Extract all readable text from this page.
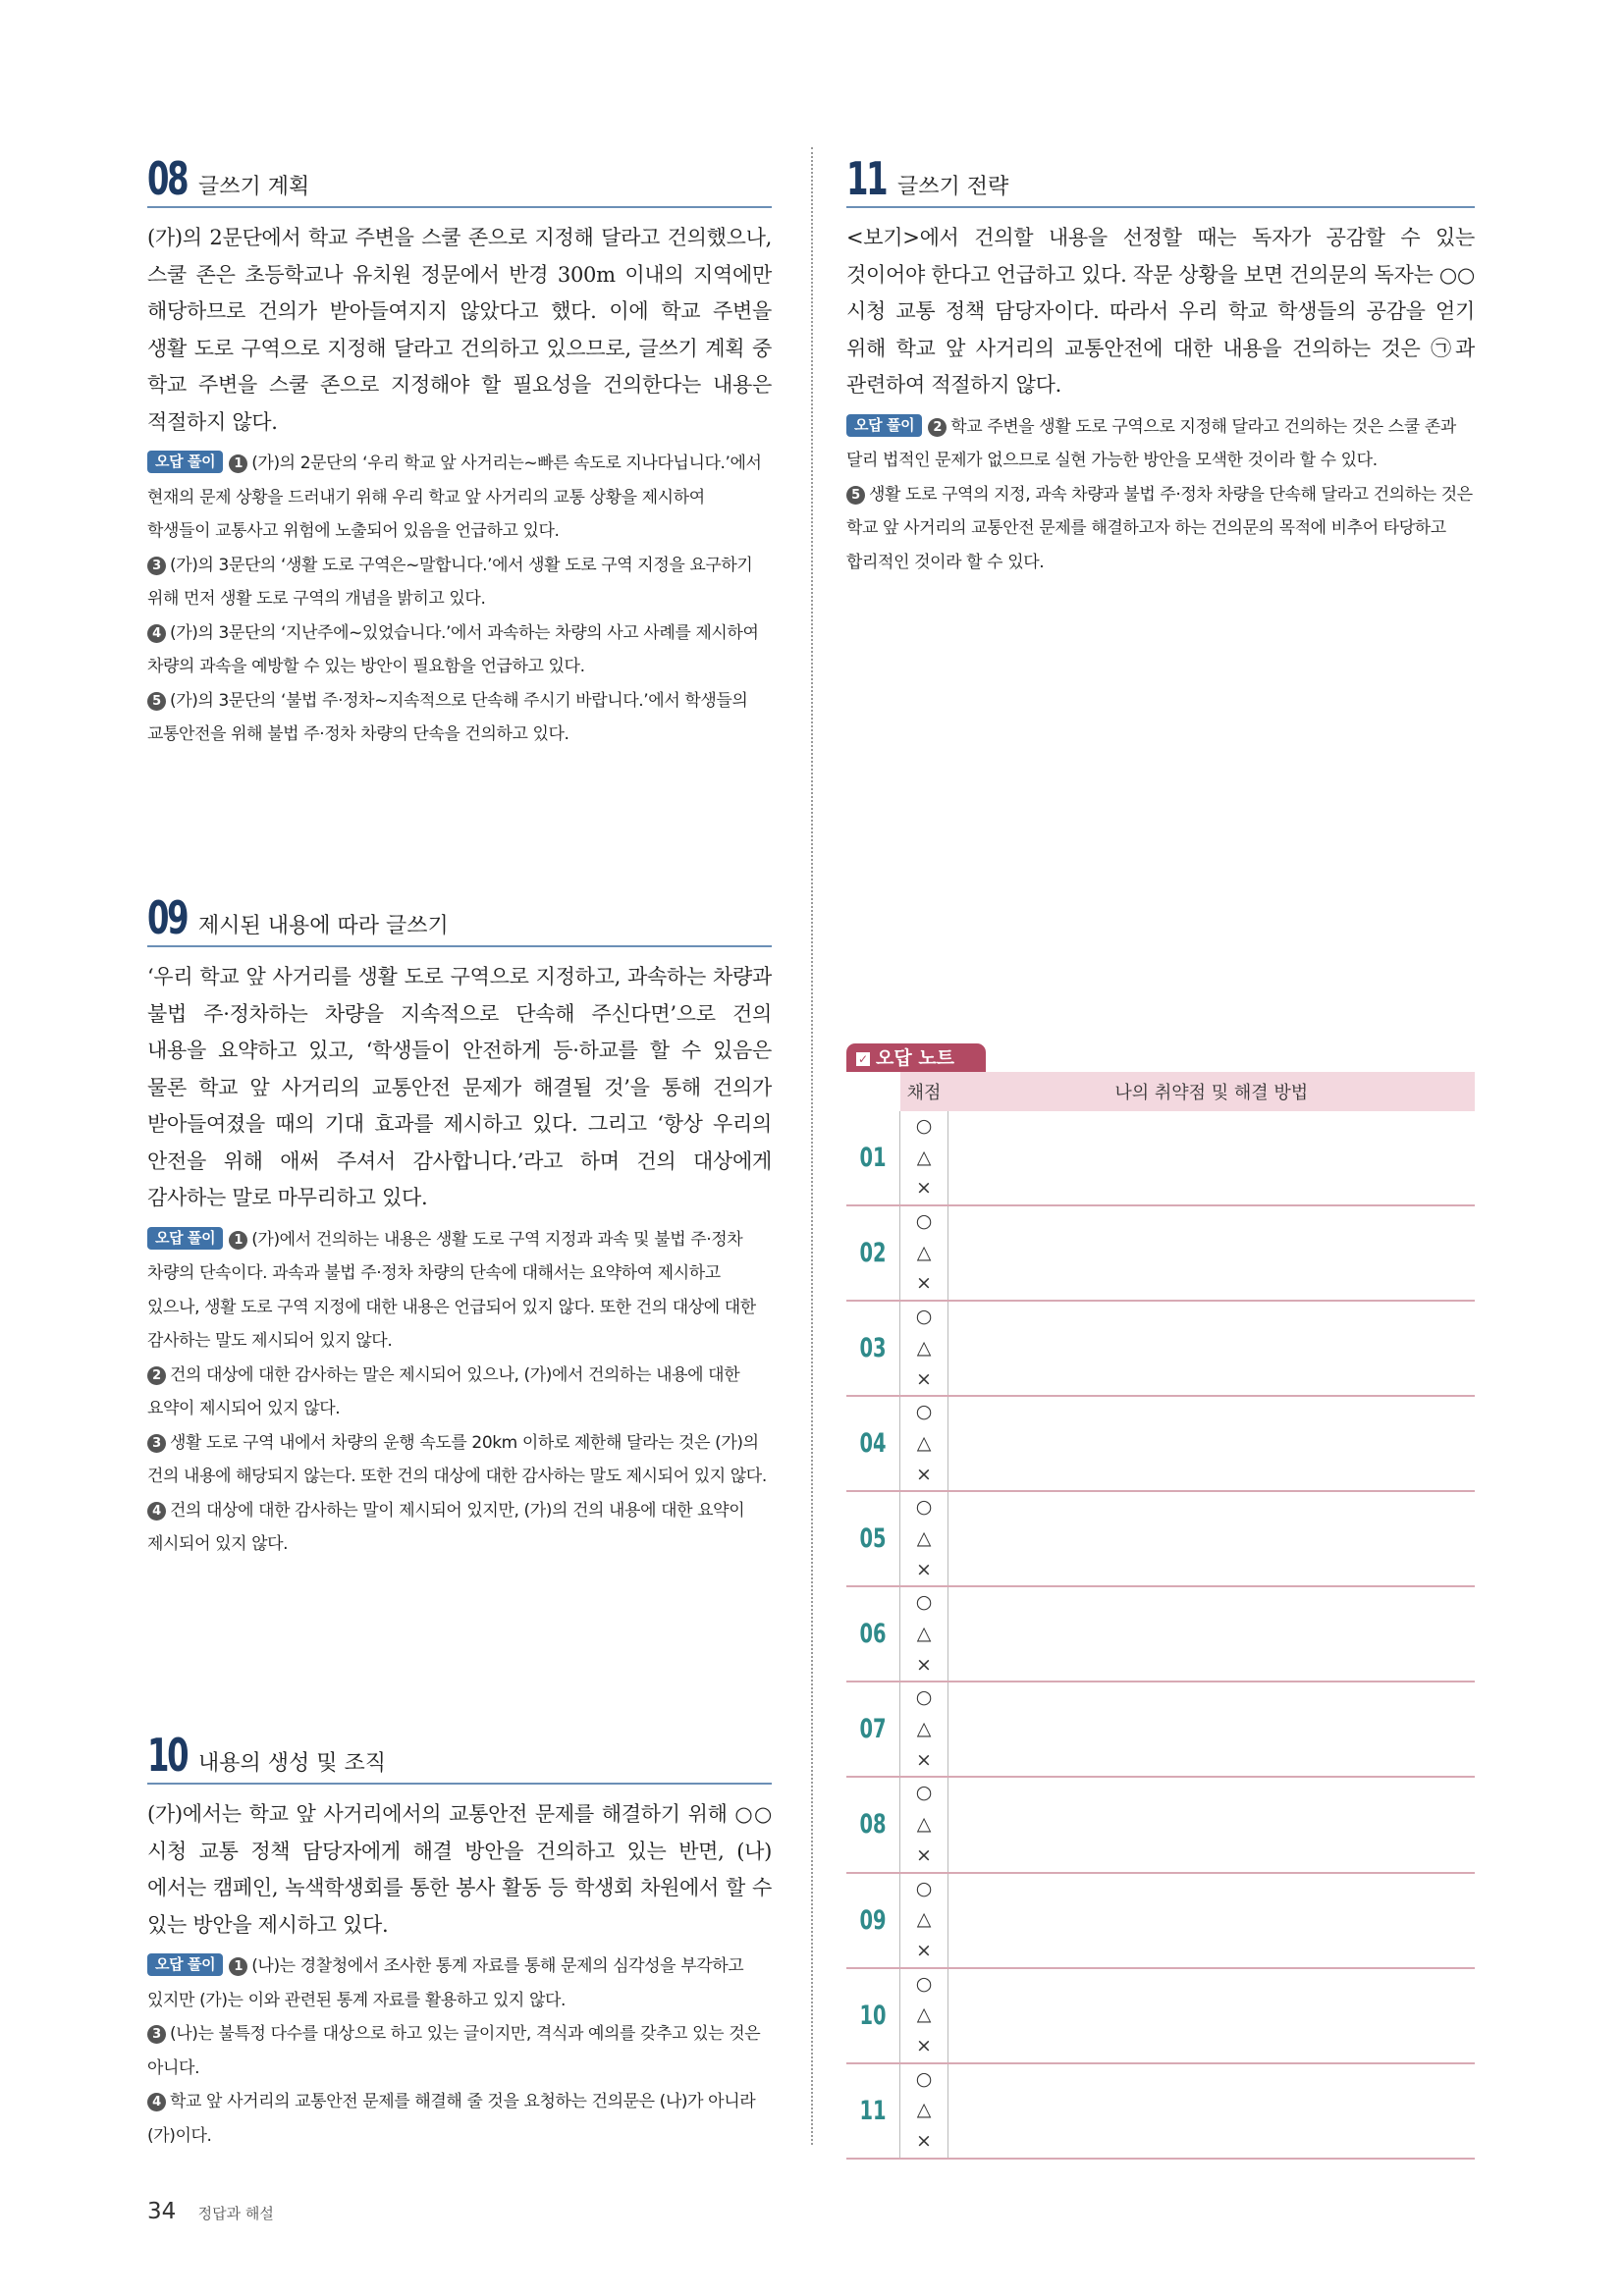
08 글쓰기 계획
(가)의 2문단에서 학교 주변을 스쿨 존으로 지정해 달라고 건의했으나, 스쿨 존은 초등학교나 유치원 정문에서 반경 300m 이내의 지역에만 해당하므로 건의가 받아들여지지 않았다고 했다. 이에 학교 주변을 생활 도로 구역으로 지정해 달라고 건의하고 있으므로, 글쓰기 계획 중 학교 주변을 스쿨 존으로 지정해야 할 필요성을 건의한다는 내용은 적절하지 않다.

오답 풀이 1 (가)의 2문단의 ‘우리 학교 앞 사거리는~빠른 속도로 지나다닙니다.’에서 현재의 문제 상황을 드러내기 위해 우리 학교 앞 사거리의 교통 상황을 제시하여 학생들이 교통사고 위험에 노출되어 있음을 언급하고 있다.

3 (가)의 3문단의 ‘생활 도로 구역은~말합니다.’에서 생활 도로 구역 지정을 요구하기 위해 먼저 생활 도로 구역의 개념을 밝히고 있다.

4 (가)의 3문단의 ‘지난주에~있었습니다.’에서 과속하는 차량의 사고 사례를 제시하여 차량의 과속을 예방할 수 있는 방안이 필요함을 언급하고 있다.

5 (가)의 3문단의 ‘불법 주·정차~지속적으로 단속해 주시기 바랍니다.’에서 학생들의 교통안전을 위해 불법 주·정차 차량의 단속을 건의하고 있다.

09 제시된 내용에 따라 글쓰기
‘우리 학교 앞 사거리를 생활 도로 구역으로 지정하고, 과속하는 차량과 불법 주·정차하는 차량을 지속적으로 단속해 주신다면’으로 건의 내용을 요약하고 있고, ‘학생들이 안전하게 등·하교를 할 수 있음은 물론 학교 앞 사거리의 교통안전 문제가 해결될 것’을 통해 건의가 받아들여졌을 때의 기대 효과를 제시하고 있다. 그리고 ‘항상 우리의 안전을 위해 애써 주셔서 감사합니다.’라고 하며 건의 대상에게 감사하는 말로 마무리하고 있다.

오답 풀이 1 (가)에서 건의하는 내용은 생활 도로 구역 지정과 과속 및 불법 주·정차 차량의 단속이다. 과속과 불법 주·정차 차량의 단속에 대해서는 요약하여 제시하고 있으나, 생활 도로 구역 지정에 대한 내용은 언급되어 있지 않다. 또한 건의 대상에 대한 감사하는 말도 제시되어 있지 않다.

2 건의 대상에 대한 감사하는 말은 제시되어 있으나, (가)에서 건의하는 내용에 대한 요약이 제시되어 있지 않다.

3 생활 도로 구역 내에서 차량의 운행 속도를 20km 이하로 제한해 달라는 것은 (가)의 건의 내용에 해당되지 않는다. 또한 건의 대상에 대한 감사하는 말도 제시되어 있지 않다.

4 건의 대상에 대한 감사하는 말이 제시되어 있지만, (가)의 건의 내용에 대한 요약이 제시되어 있지 않다.

10 내용의 생성 및 조직
(가)에서는 학교 앞 사거리에서의 교통안전 문제를 해결하기 위해 ○○시청 교통 정책 담당자에게 해결 방안을 건의하고 있는 반면, (나)에서는 캠페인, 녹색학생회를 통한 봉사 활동 등 학생회 차원에서 할 수 있는 방안을 제시하고 있다.

오답 풀이 1 (나)는 경찰청에서 조사한 통계 자료를 통해 문제의 심각성을 부각하고 있지만 (가)는 이와 관련된 통계 자료를 활용하고 있지 않다.

3 (나)는 불특정 다수를 대상으로 하고 있는 글이지만, 격식과 예의를 갖추고 있는 것은 아니다.

4 학교 앞 사거리의 교통안전 문제를 해결해 줄 것을 요청하는 건의문은 (나)가 아니라 (가)이다.

11 글쓰기 전략
<보기>에서 건의할 내용을 선정할 때는 독자가 공감할 수 있는 것이어야 한다고 언급하고 있다. 작문 상황을 보면 건의문의 독자는 ○○시청 교통 정책 담당자이다. 따라서 우리 학교 학생들의 공감을 얻기 위해 학교 앞 사거리의 교통안전에 대한 내용을 건의하는 것은 ㉠과 관련하여 적절하지 않다.

오답 풀이 2 학교 주변을 생활 도로 구역으로 지정해 달라고 건의하는 것은 스쿨 존과 달리 법적인 문제가 없으므로 실현 가능한 방안을 모색한 것이라 할 수 있다.

5 생활 도로 구역의 지정, 과속 차량과 불법 주·정차 차량을 단속해 달라고 건의하는 것은 학교 앞 사거리의 교통안전 문제를 해결하고자 하는 건의문의 목적에 비추어 타당하고 합리적인 것이라 할 수 있다.

✓ 오답 노트
	채점	나의 취약점 및 해결 방법
01	○
△
×	

02	○
△
×	

03	○
△
×	

04	○
△
×	

05	○
△
×	

06	○
△
×	

07	○
△
×	

08	○
△
×	

09	○
△
×	

10	○
△
×	

11	○
△
×	

34 정답과 해설
